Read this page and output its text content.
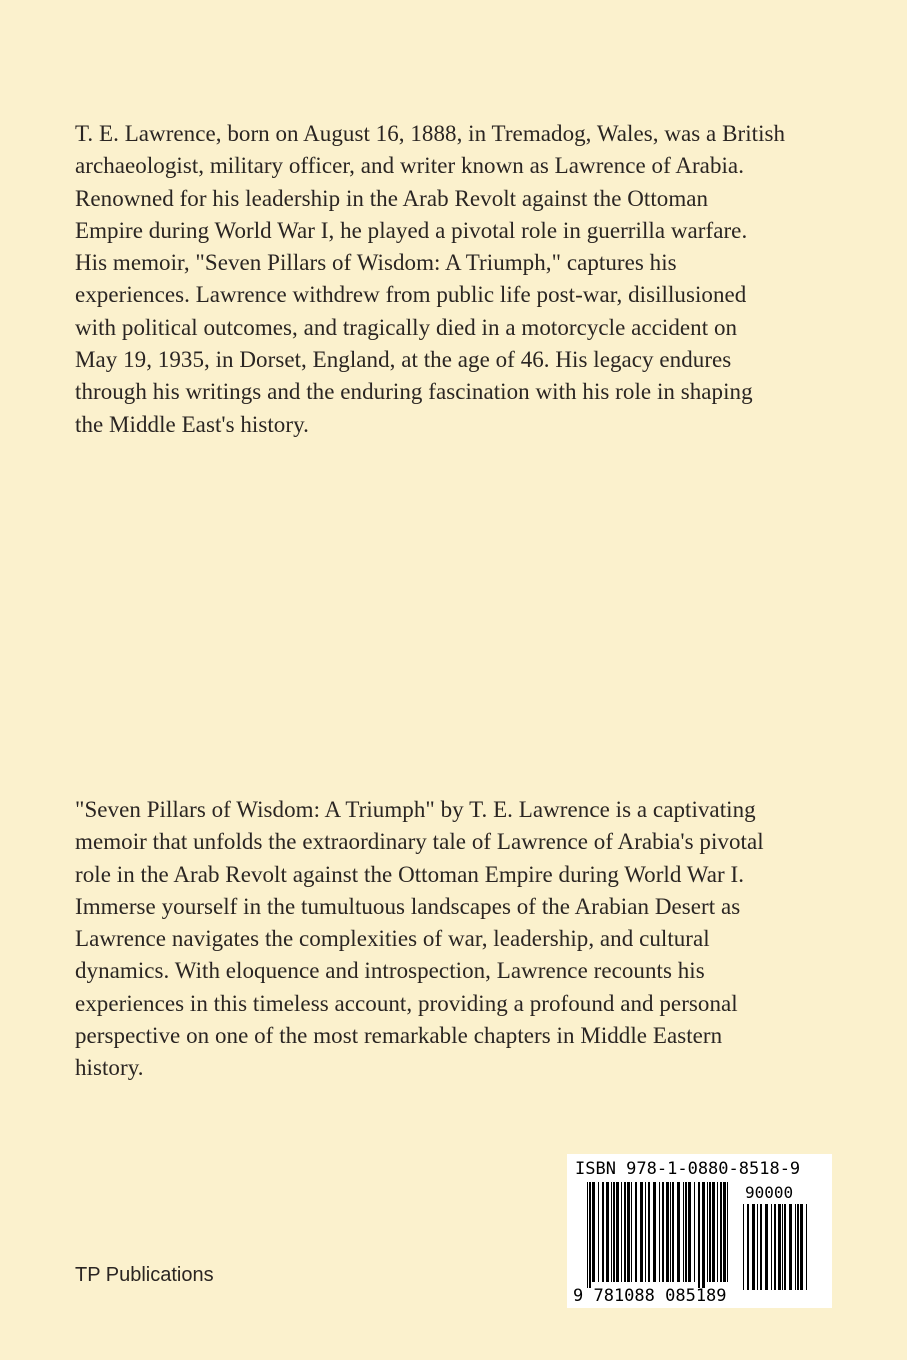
T. E. Lawrence, born on August 16, 1888, in Tremadog, Wales, was a British
archaeologist, military officer, and writer known as Lawrence of Arabia.
Renowned for his leadership in the Arab Revolt against the Ottoman
Empire during World War I, he played a pivotal role in guerrilla warfare.
His memoir, "Seven Pillars of Wisdom: A Triumph," captures his
experiences. Lawrence withdrew from public life post-war, disillusioned
with political outcomes, and tragically died in a motorcycle accident on
May 19, 1935, in Dorset, England, at the age of 46. His legacy endures
through his writings and the enduring fascination with his role in shaping
the Middle East's history.

"Seven Pillars of Wisdom: A Triumph" by T. E. Lawrence is a captivating
memoir that unfolds the extraordinary tale of Lawrence of Arabia's pivotal
role in the Arab Revolt against the Ottoman Empire during World War I.
Immerse yourself in the tumultuous landscapes of the Arabian Desert as
Lawrence navigates the complexities of war, leadership, and cultural
dynamics. With eloquence and introspection, Lawrence recounts his
experiences in this timeless account, providing a profound and personal
perspective on one of the most remarkable chapters in Middle Eastern
history.

TP Publications

ISBN 978-1-0880-8518-9

90000
9 781088 085189
